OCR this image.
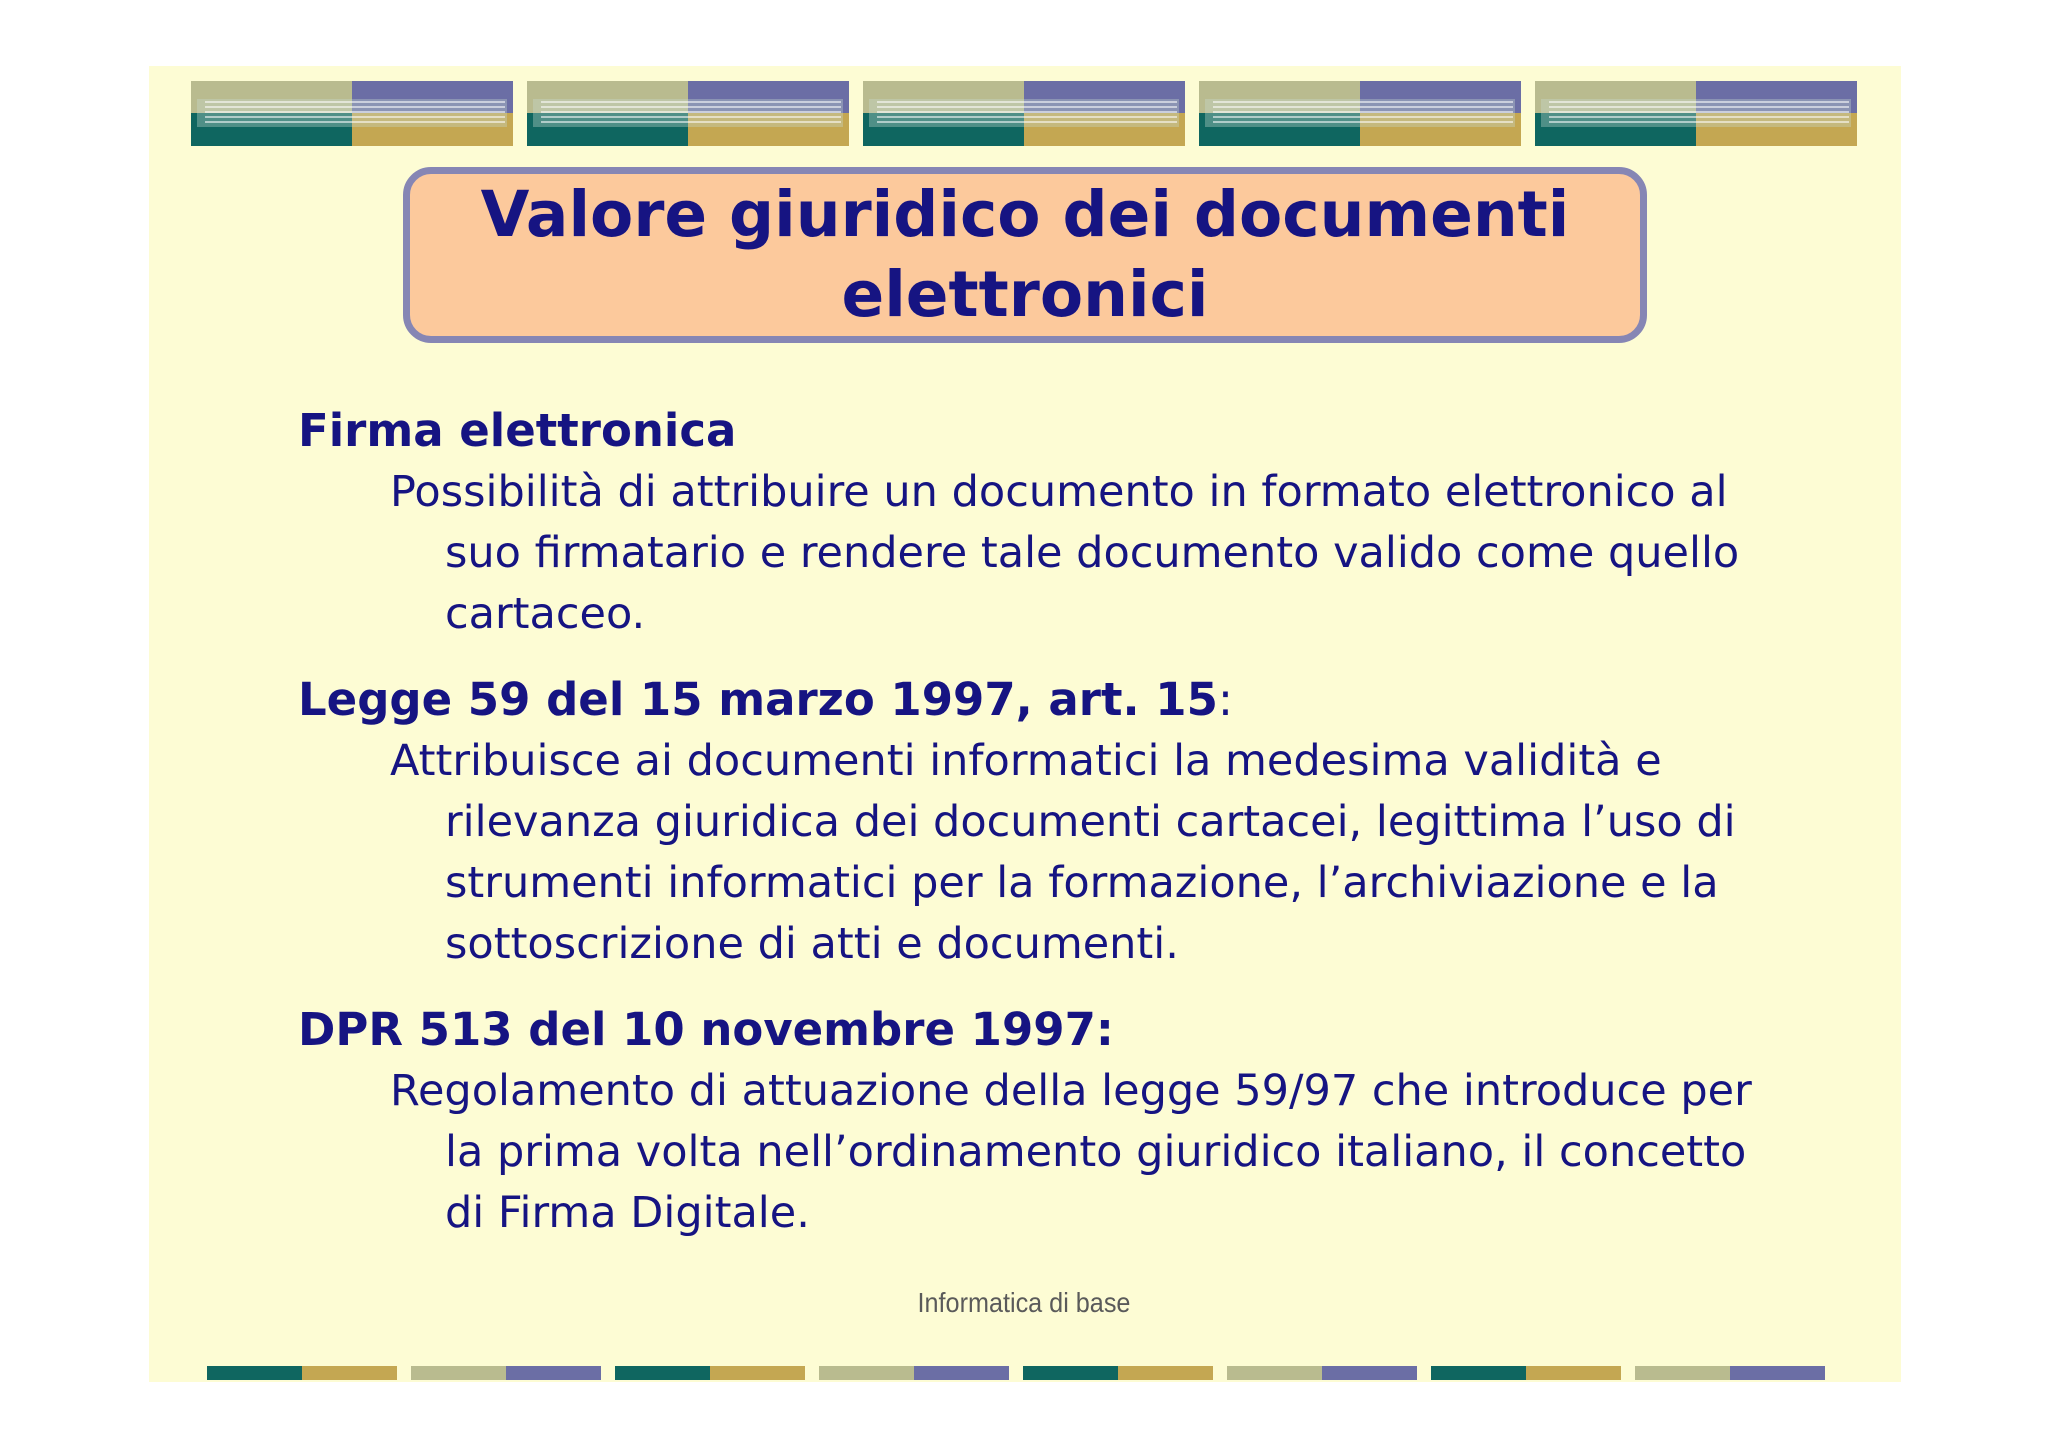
Valore giuridico dei documenti elettronici

Firma elettronica

Possibilità di attribuire un documento in formato elettronico al
suo firmatario e rendere tale documento valido come quello
cartaceo.

Legge 59 del 15 marzo 1997, art. 15:

Attribuisce ai documenti informatici la medesima validità e
rilevanza giuridica dei documenti cartacei, legittima l’uso di
strumenti informatici per la formazione, l’archiviazione e la
sottoscrizione di atti e documenti.

DPR 513 del 10 novembre 1997:

Regolamento di attuazione della legge 59/97 che introduce per
la prima volta nell’ordinamento giuridico italiano, il concetto
di Firma Digitale.

Informatica di base
